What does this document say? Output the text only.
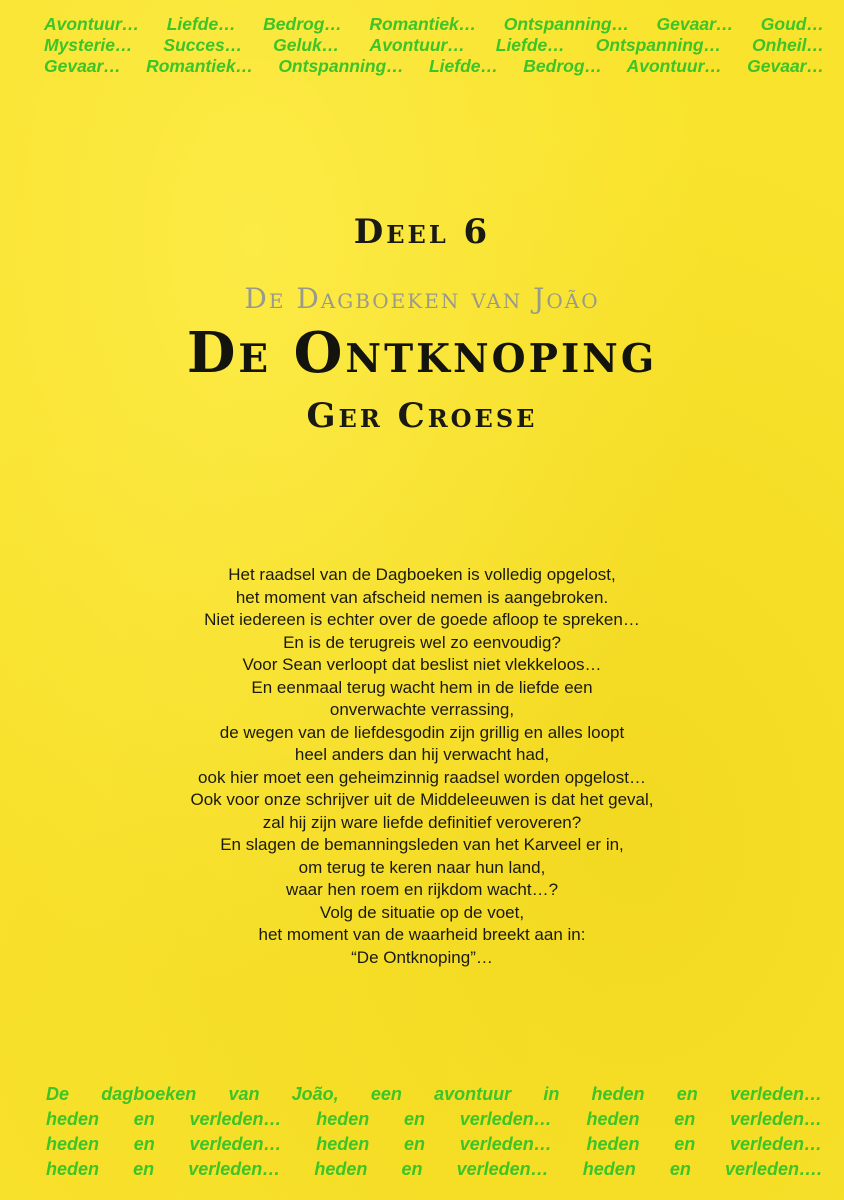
Avontuur… Liefde… Bedrog… Romantiek… Ontspanning… Gevaar… Goud…
Mysterie… Succes… Geluk… Avontuur… Liefde… Ontspanning… Onheil…
Gevaar… Romantiek… Ontspanning… Liefde… Bedrog… Avontuur… Gevaar…
Deel 6
De Dagboeken van João
De Ontknoping
Ger Croese
Het raadsel van de Dagboeken is volledig opgelost,
het moment van afscheid nemen is aangebroken.
Niet iedereen is echter over de goede afloop te spreken…
En is de terugreis wel zo eenvoudig?
Voor Sean verloopt dat beslist niet vlekkeloos…
En eenmaal terug wacht hem in de liefde een
onverwachte verrassing,
de wegen van de liefdesgodin zijn grillig en alles loopt
heel anders dan hij verwacht had,
ook hier moet een geheimzinnig raadsel worden opgelost…
Ook voor onze schrijver uit de Middeleeuwen is dat het geval,
zal hij zijn ware liefde definitief veroveren?
En slagen de bemanningsleden van het Karveel er in,
om terug te keren naar hun land,
waar hen roem en rijkdom wacht…?
Volg de situatie op de voet,
het moment van de waarheid breekt aan in:
“De Ontknoping”…
De dagboeken van João, een avontuur in heden en verleden…
heden en verleden… heden en verleden… heden en verleden…
heden en verleden… heden en verleden… heden en verleden…
heden en verleden… heden en verleden… heden en verleden….
